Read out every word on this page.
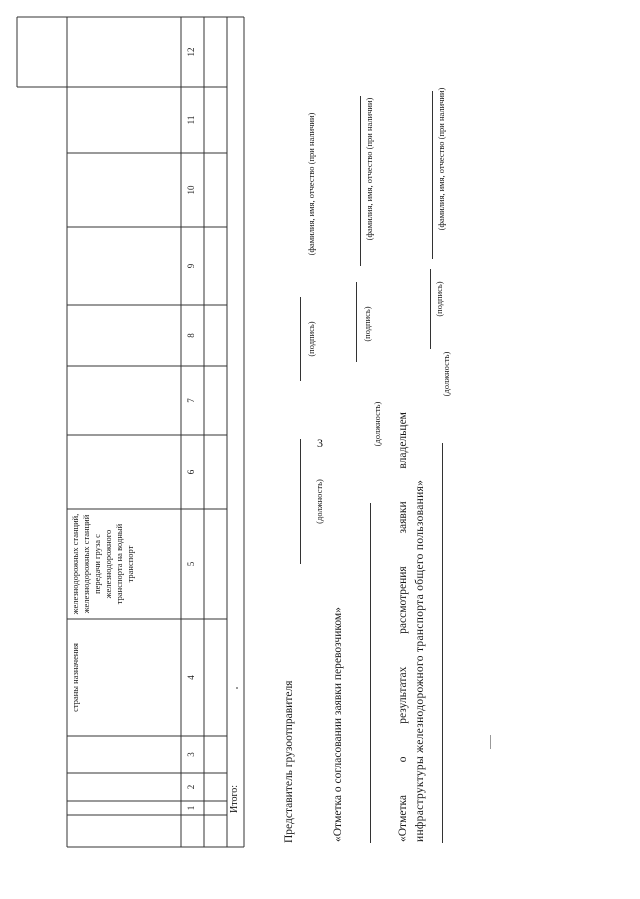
3
страны назначения
железнодорожных станций, железнодорожных станций передачи груза с железнодорожного транспорта на водный транспорт
1
2
3
4
5
6
7
8
9
10
11
12
Итого:	Представитель грузоотправителя
(должность)
(подпись)
(фамилия, имя, отчество (при наличии)
«Отметка о согласовании заявки перевозчиком»
(должность)
(подпись)
(фамилия, имя, отчество (при наличии)
«Отметка
о
результатах
рассмотрения
заявки
владельцем
инфраструктуры железнодорожного транспорта общего пользования»
(должность)
(подпись)
(фамилия, имя, отчество (при наличии)
